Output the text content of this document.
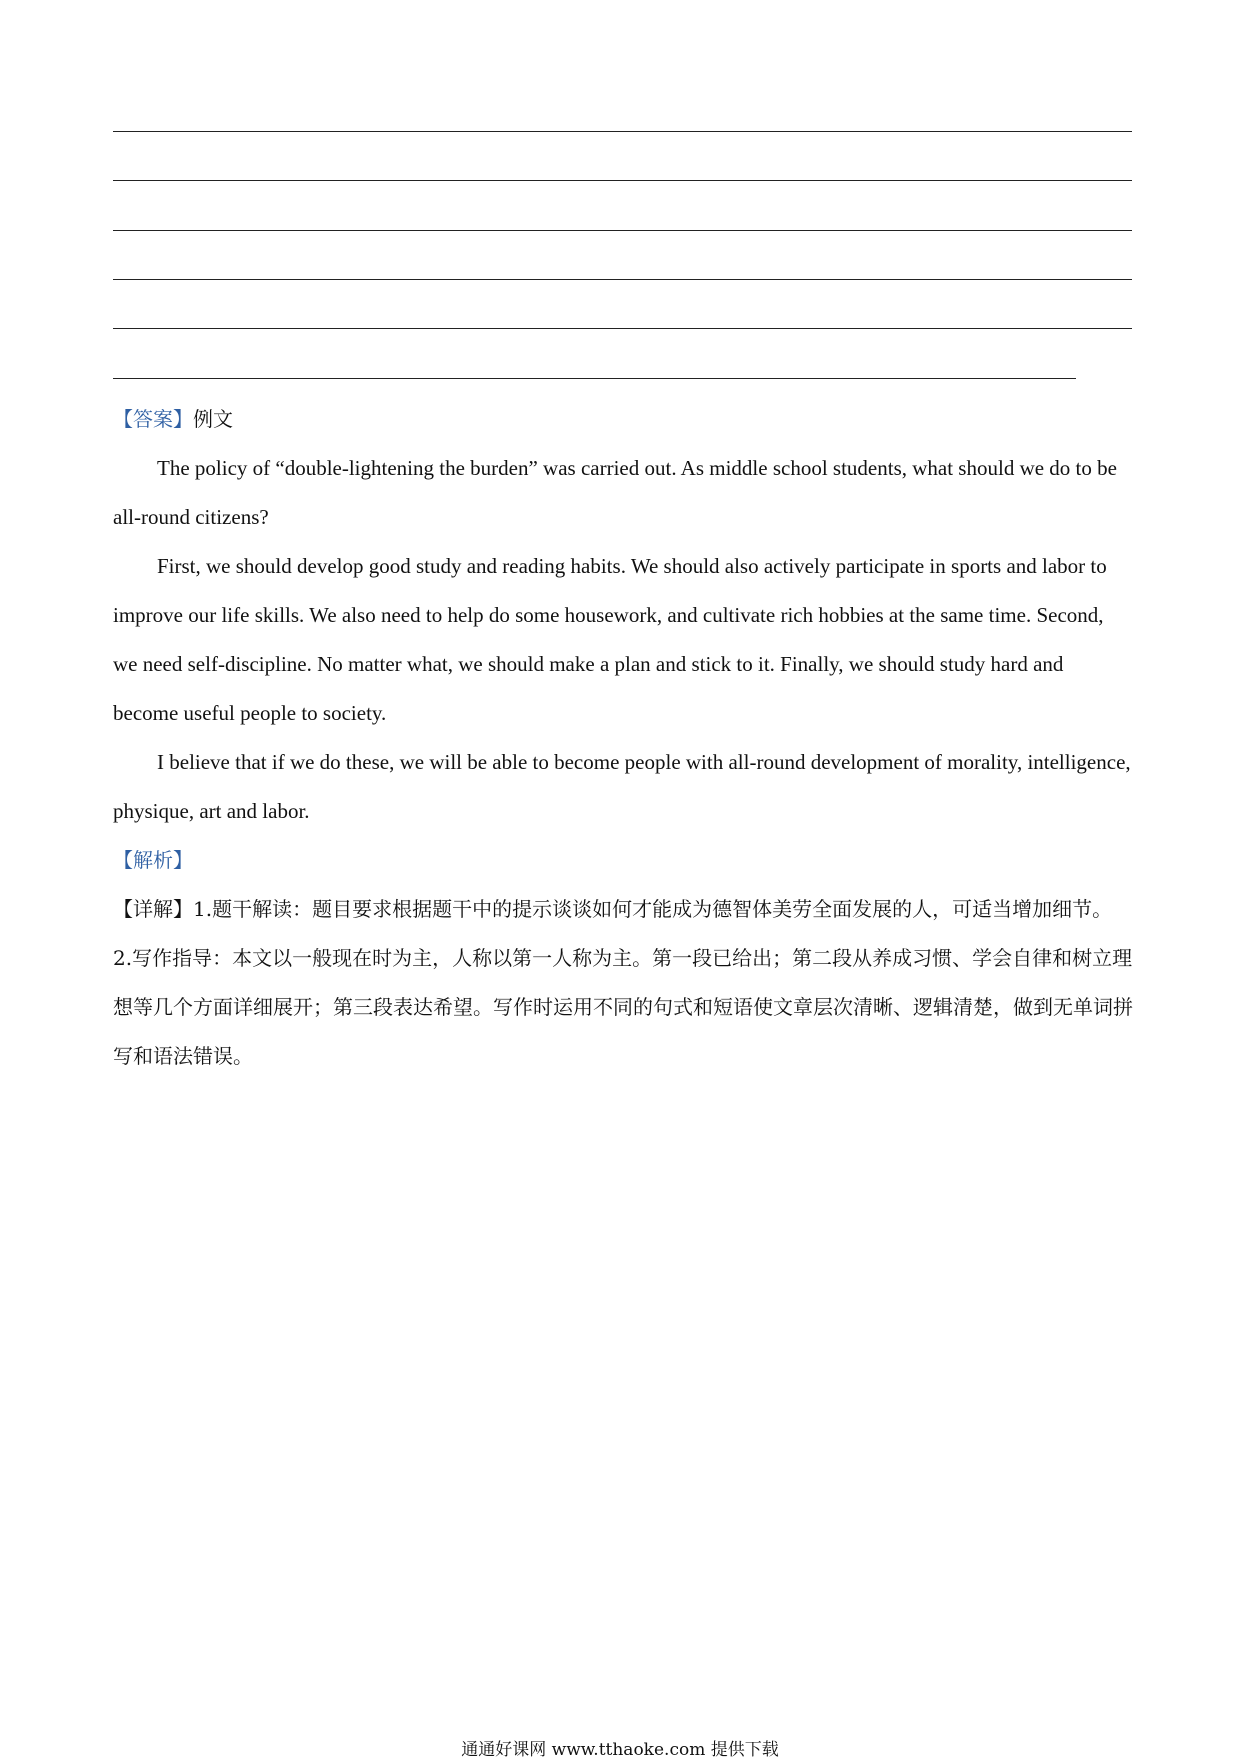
【答案】例文

The policy of “double-lightening the burden” was carried out. As middle school students, what should we do to be all-round citizens?

First, we should develop good study and reading habits. We should also actively participate in sports and labor to improve our life skills. We also need to help do some housework, and cultivate rich hobbies at the same time. Second, we need self-discipline. No matter what, we should make a plan and stick to it. Finally, we should study hard and become useful people to society.

I believe that if we do these, we will be able to become people with all-round development of morality, intelligence, physique, art and labor.

【解析】

【详解】1.题干解读：题目要求根据题干中的提示谈谈如何才能成为德智体美劳全面发展的人，可适当增加细节。

2.写作指导：本文以一般现在时为主，人称以第一人称为主。第一段已给出；第二段从养成习惯、学会自律和树立理想等几个方面详细展开；第三段表达希望。写作时运用不同的句式和短语使文章层次清晰、逻辑清楚，做到无单词拼写和语法错误。

通通好课网 www.tthaoke.com 提供下载
